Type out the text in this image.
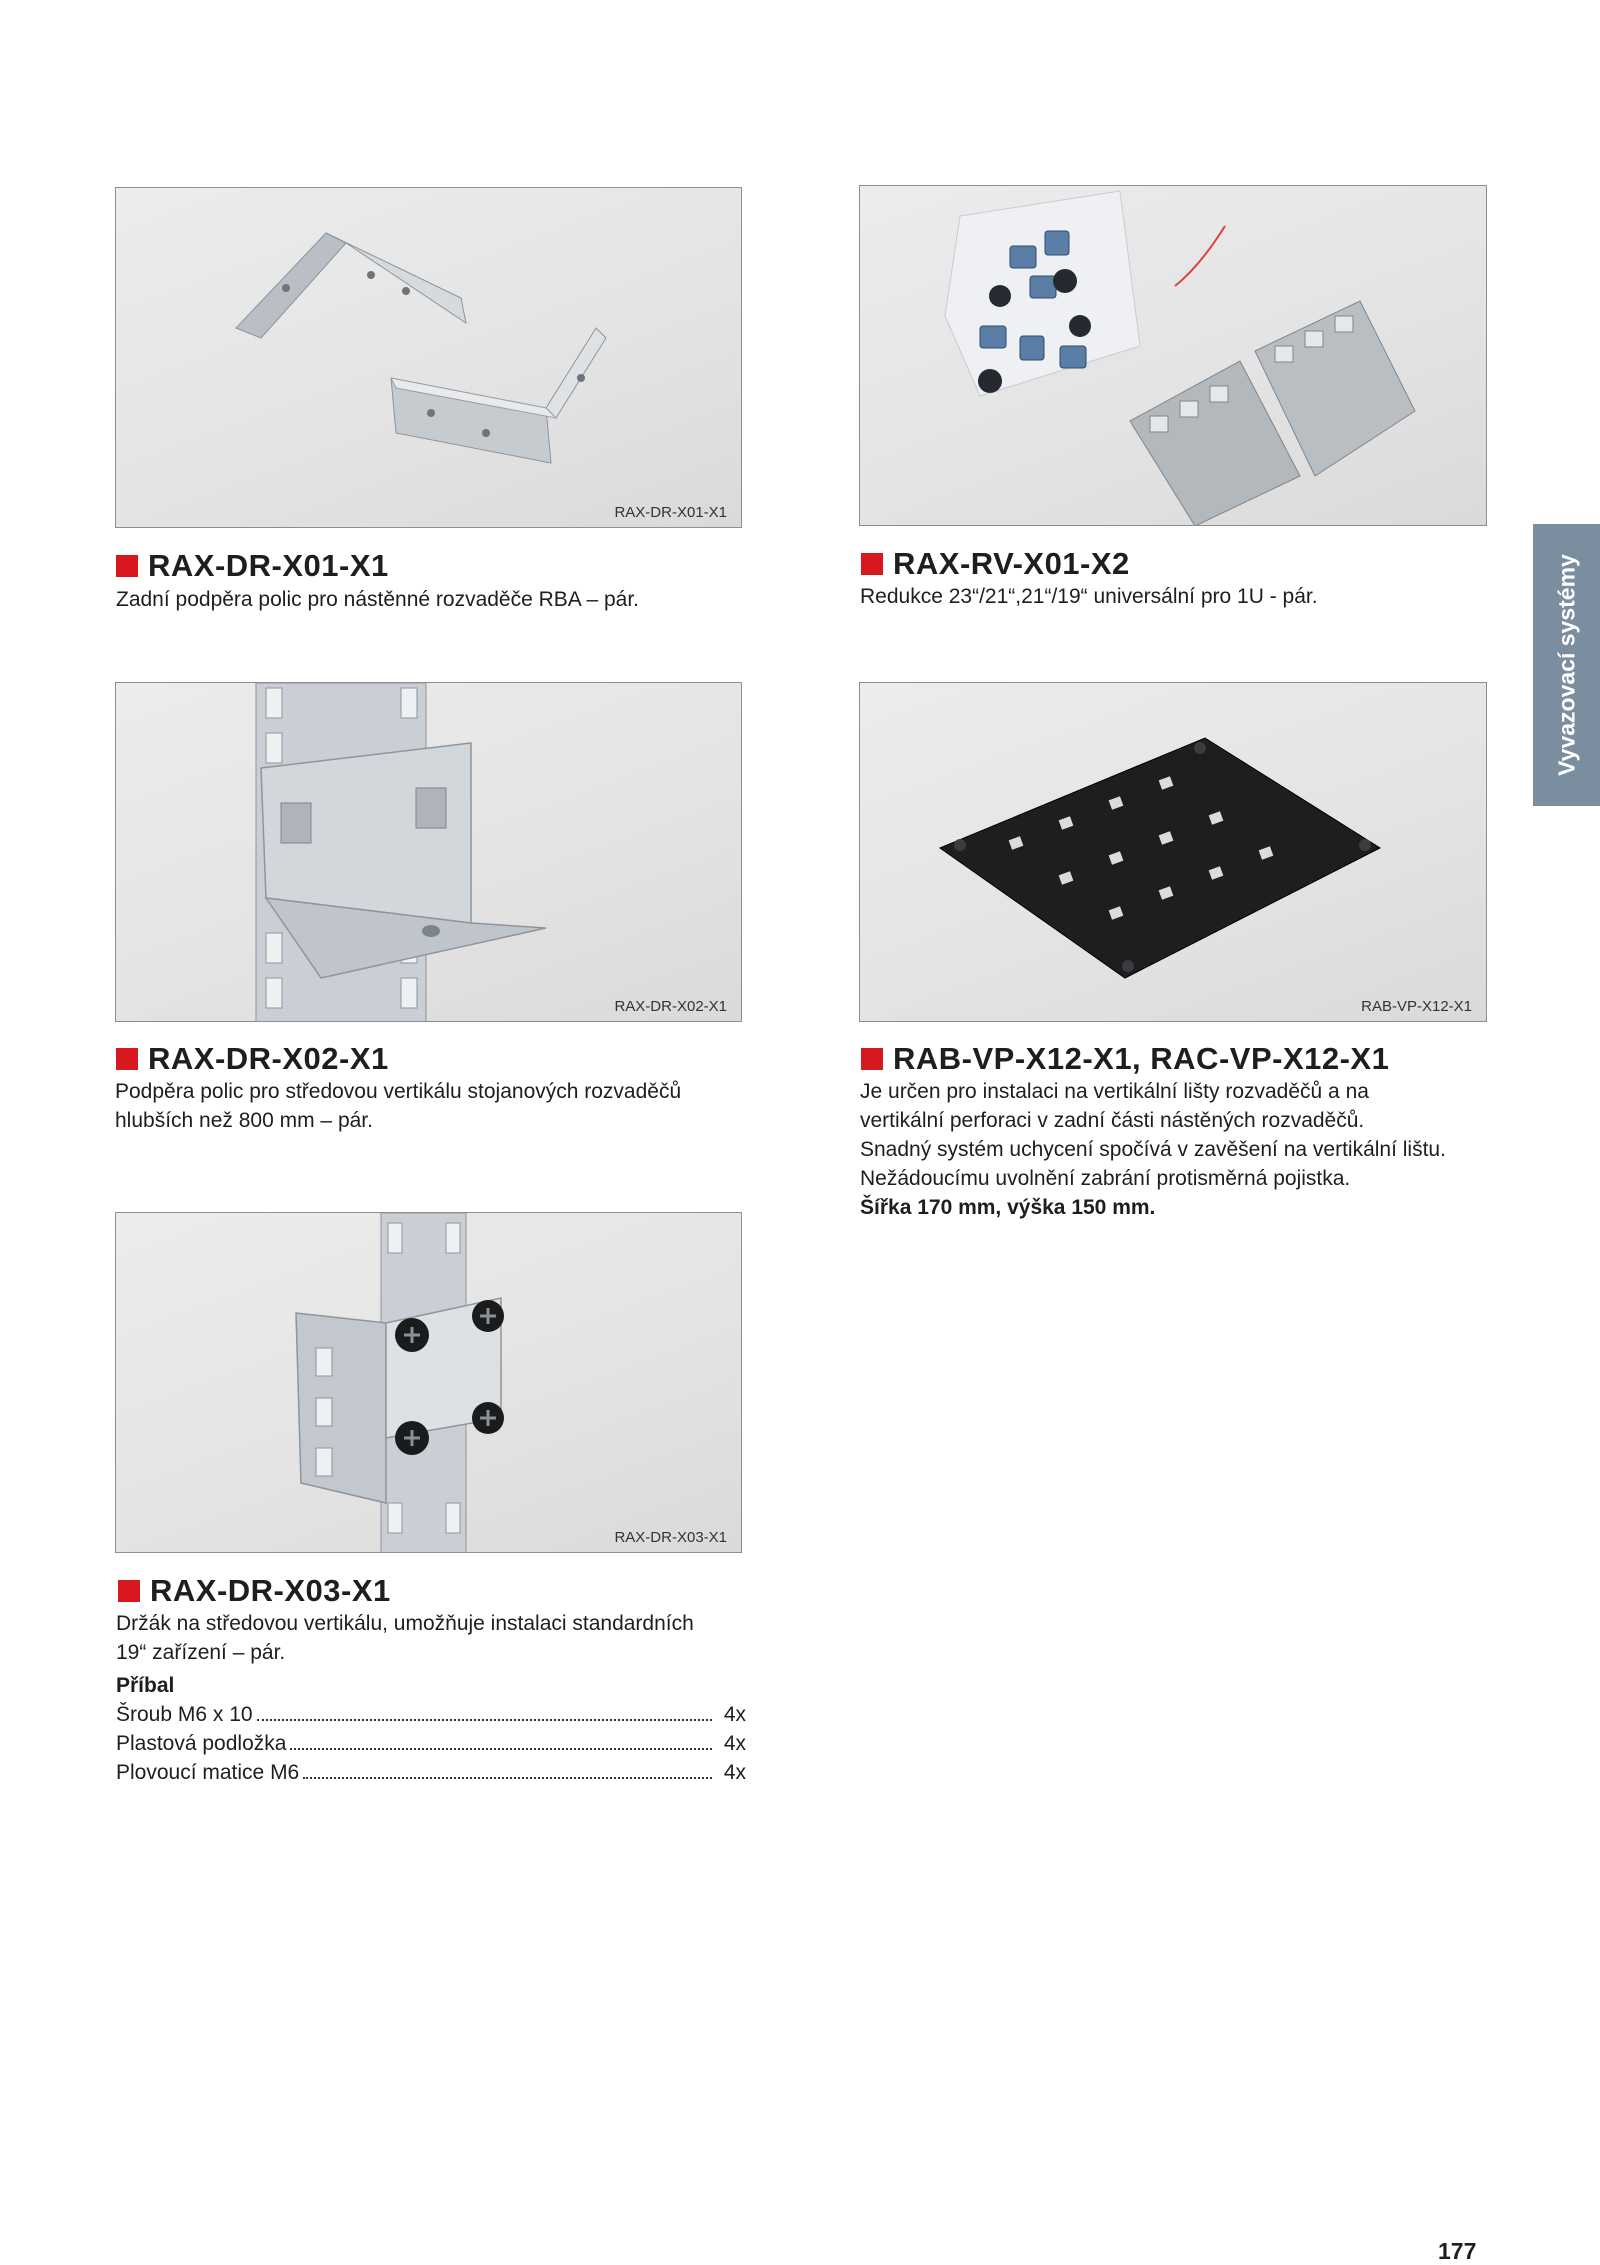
Vyvazovací systémy
RAX-DR-X01-X1
RAX-DR-X01-X1

Zadní podpěra polic pro nástěnné rozvaděče RBA – pár.

RAX-RV-X01-X2

Redukce 23“/21“,21“/19“ universální pro 1U - pár.

RAX-DR-X02-X1
RAX-DR-X02-X1

Podpěra polic pro středovou vertikálu stojanových rozvaděčů

hlubších než 800 mm – pár.

RAB-VP-X12-X1
RAB-VP-X12-X1, RAC-VP-X12-X1

Je určen pro instalaci na vertikální lišty rozvaděčů a na

vertikální perforaci v zadní části nástěných rozvaděčů.

Snadný systém uchycení spočívá v zavěšení na vertikální lištu.

Nežádoucímu uvolnění zabrání protisměrná pojistka.

Šířka 170 mm, výška 150 mm.

RAX-DR-X03-X1
RAX-DR-X03-X1

Držák na středovou vertikálu, umožňuje instalaci standardních

19“ zařízení – pár.

Příbal
Šroub M6 x 10	4x
Plastová podložka	4x
Plovoucí matice M6	4x
177
